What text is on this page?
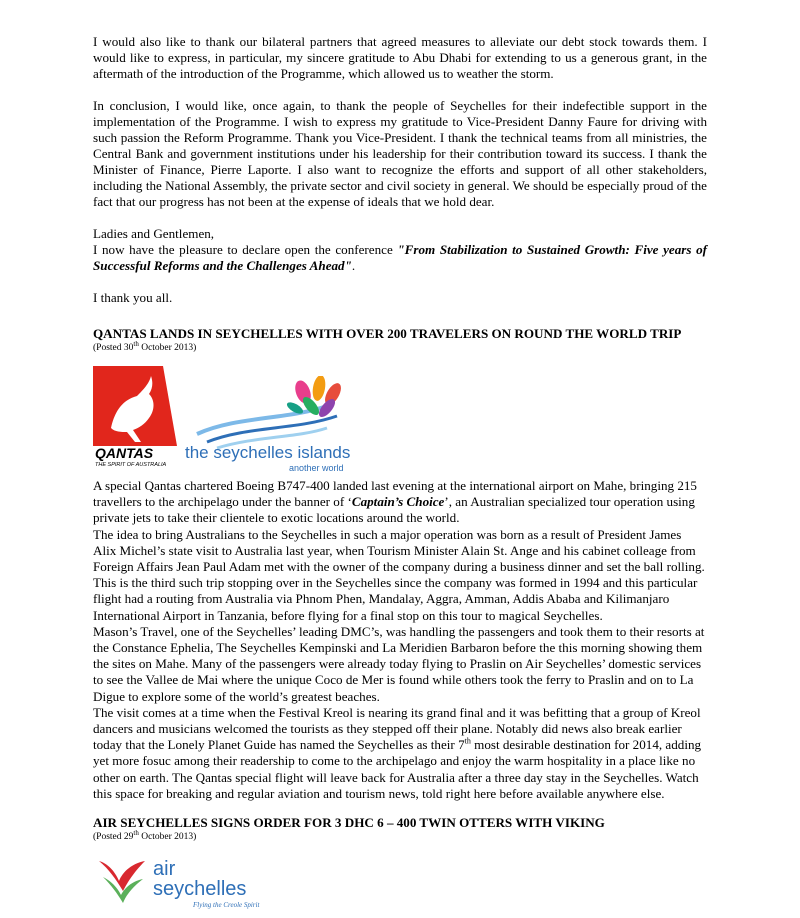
I would also like to thank our bilateral partners that agreed measures to alleviate our debt stock towards them. I would like to express, in particular, my sincere gratitude to Abu Dhabi for extending to us a generous grant, in the aftermath of the introduction of the Programme, which allowed us to weather the storm.

In conclusion, I would like, once again, to thank the people of Seychelles for their indefectible support in the implementation of the Programme. I wish to express my gratitude to Vice-President Danny Faure for driving with such passion the Reform Programme. Thank you Vice-President. I thank the technical teams from all ministries, the Central Bank and government institutions under his leadership for their contribution toward its success. I thank the Minister of Finance, Pierre Laporte. I also want to recognize the efforts and support of all other stakeholders, including the National Assembly, the private sector and civil society in general. We should be especially proud of the fact that our progress has not been at the expense of ideals that we hold dear.

Ladies and Gentlemen,

I now have the pleasure to declare open the conference "From Stabilization to Sustained Growth: Five years of Successful Reforms and the Challenges Ahead".

I thank you all.

QANTAS LANDS IN SEYCHELLES WITH OVER 200 TRAVELERS ON ROUND THE WORLD TRIP

(Posted 30th October 2013)

QANTAS
THE SPIRIT OF AUSTRALIA
the seychelles islands
another world

A special Qantas chartered Boeing B747-400 landed last evening at the international airport on Mahe, bringing 215 travellers to the archipelago under the banner of ‘Captain’s Choice’, an Australian specialized tour operation using private jets to take their clientele to exotic locations around the world.

The idea to bring Australians to the Seychelles in such a major operation was born as a result of President James Alix Michel’s state visit to Australia last year, when Tourism Minister Alain St. Ange and his cabinet colleage from Foreign Affairs Jean Paul Adam met with the owner of the company during a business dinner and set the ball rolling. This is the third such trip stopping over in the Seychelles since the company was formed in 1994 and this particular flight had a routing from Australia via Phnom Phen, Mandalay, Aggra, Amman, Addis Ababa and Kilimanjaro International Airport in Tanzania, before flying for a final stop on this tour to magical Seychelles.

Mason’s Travel, one of the Seychelles’ leading DMC’s, was handling the passengers and took them to their resorts at the Constance Ephelia, The Seychelles Kempinski and La Meridien Barbaron before the this morning showing them the sites on Mahe. Many of the passengers were already today flying to Praslin on Air Seychelles’ domestic services to see the Vallee de Mai where the unique Coco de Mer is found while others took the ferry to Praslin and on to La Digue to explore some of the world’s greatest beaches.

The visit comes at a time when the Festival Kreol is nearing its grand final and it was befitting that a group of Kreol dancers and musicians welcomed the tourists as they stepped off their plane. Notably did news also break earlier today that the Lonely Planet Guide has named the Seychelles as their 7th most desirable destination for 2014, adding yet more fosuc among their readership to come to the archipelago and enjoy the warm hospitality in a place like no other on earth. The Qantas special flight will leave back for Australia after a three day stay in the Seychelles. Watch this space for breaking and regular aviation and tourism news, told right here before available anywhere else.

AIR SEYCHELLES SIGNS ORDER FOR 3 DHC 6 – 400 TWIN OTTERS WITH VIKING

(Posted 29th October 2013)

air
seychelles
Flying the Creole Spirit
